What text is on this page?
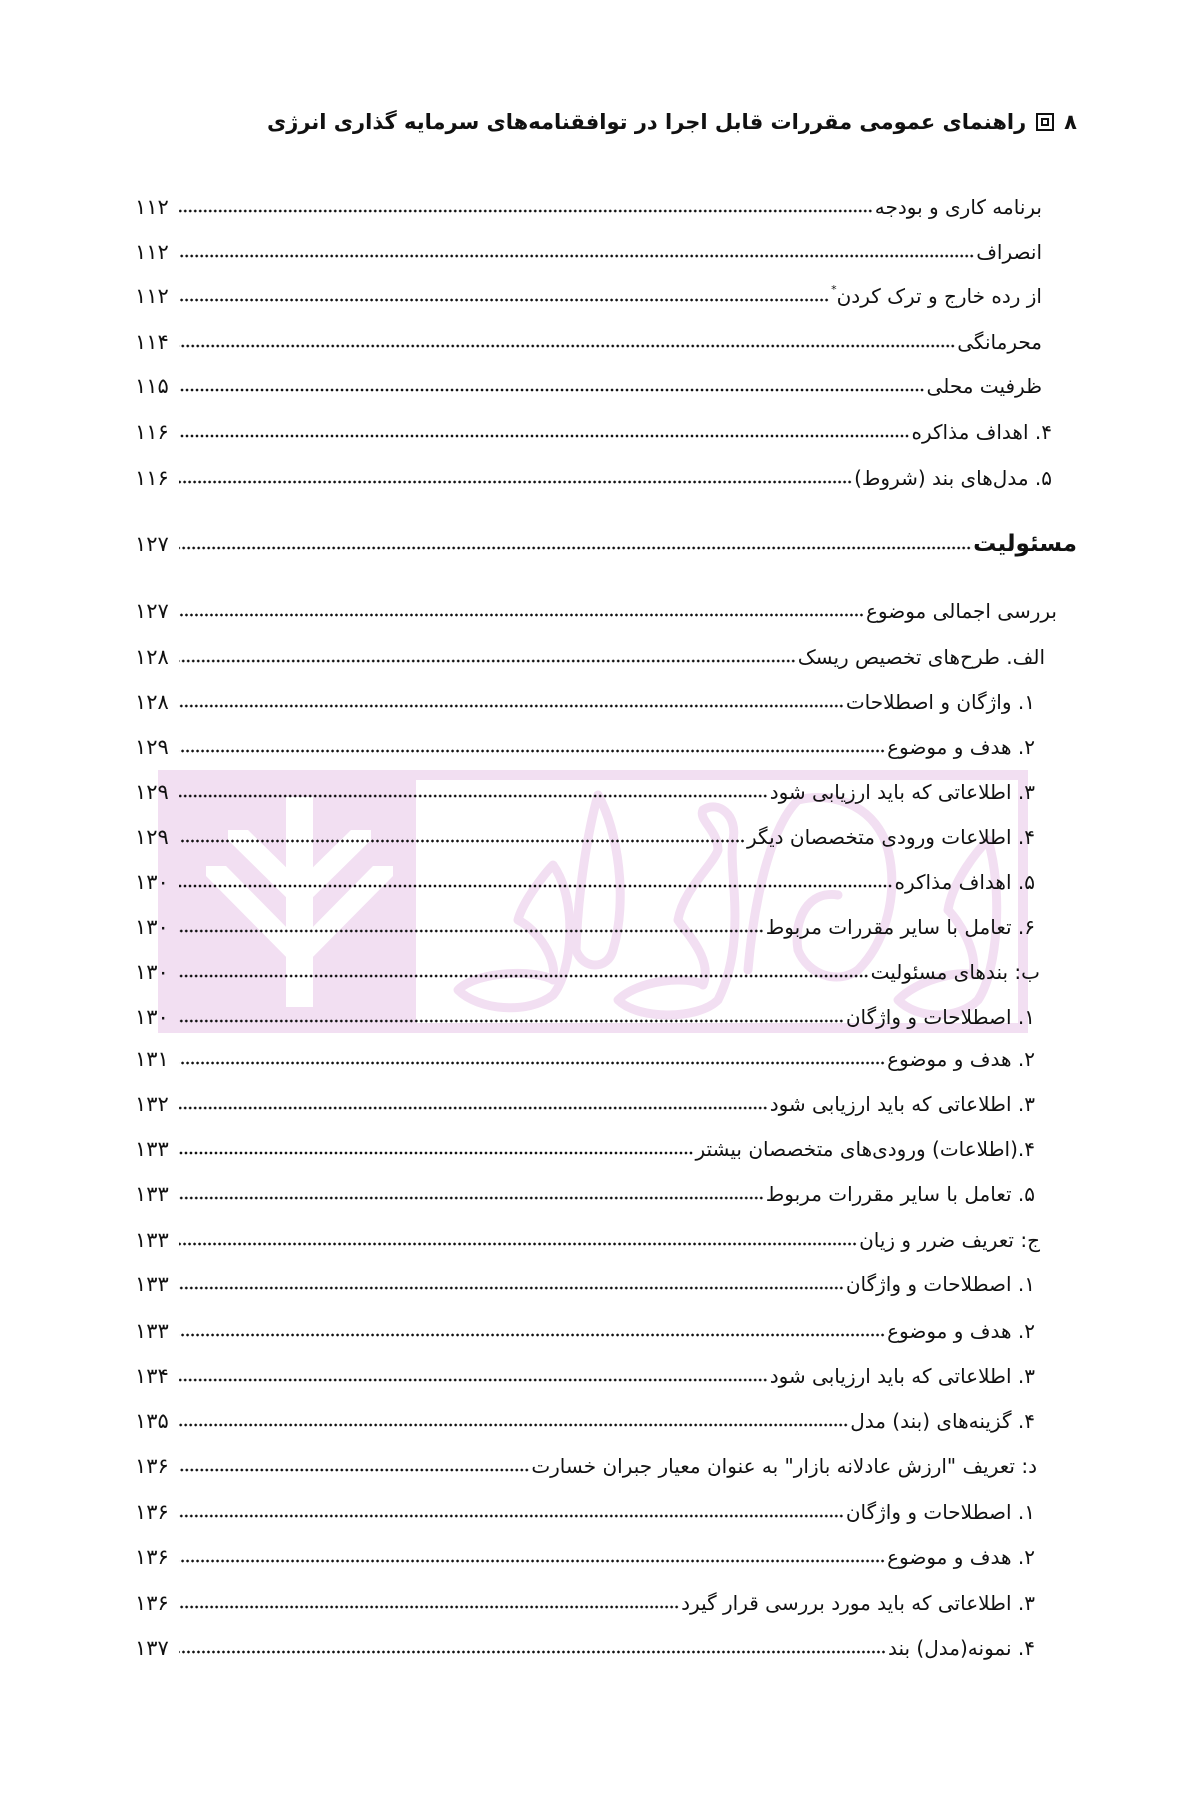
۸
راهنمای عمومی مقررات قابل اجرا در توافقنامه‌های سرمایه گذاری انرژی
برنامه کاری و بودجه
۱۱۲
انصراف
۱۱۲
از رده خارج و ترک کردن*
۱۱۲
محرمانگی
۱۱۴
ظرفیت محلی
۱۱۵
۴. اهداف مذاکره
۱۱۶
۵. مدل‌های بند (شروط)
۱۱۶
مسئولیت
۱۲۷
بررسی اجمالی موضوع
۱۲۷
الف. طرح‌های تخصیص ریسک
۱۲۸
۱. واژگان و اصطلاحات
۱۲۸
۲. هدف و موضوع
۱۲۹
۳. اطلاعاتی که باید ارزیابی شود
۱۲۹
۴. اطلاعات ورودی متخصصان دیگر
۱۲۹
۵. اهداف مذاکره
۱۳۰
۶. تعامل با سایر مقررات مربوط
۱۳۰
ب: بندهای مسئولیت
۱۳۰
۱. اصطلاحات و واژگان
۱۳۰
۲. هدف و موضوع
۱۳۱
۳. اطلاعاتی که باید ارزیابی شود
۱۳۲
۴.(اطلاعات) ورودی‌های متخصصان بیشتر
۱۳۳
۵. تعامل با سایر مقررات مربوط
۱۳۳
ج: تعریف ضرر و زیان
۱۳۳
۱. اصطلاحات و واژگان
۱۳۳
۲. هدف و موضوع
۱۳۳
۳. اطلاعاتی که باید ارزیابی شود
۱۳۴
۴. گزینه‌های (بند) مدل
۱۳۵
د: تعریف "ارزش عادلانه بازار" به عنوان معیار جبران خسارت
۱۳۶
۱. اصطلاحات و واژگان
۱۳۶
۲. هدف و موضوع
۱۳۶
۳. اطلاعاتی که باید مورد بررسی قرار گیرد
۱۳۶
۴. نمونه(مدل) بند
۱۳۷
